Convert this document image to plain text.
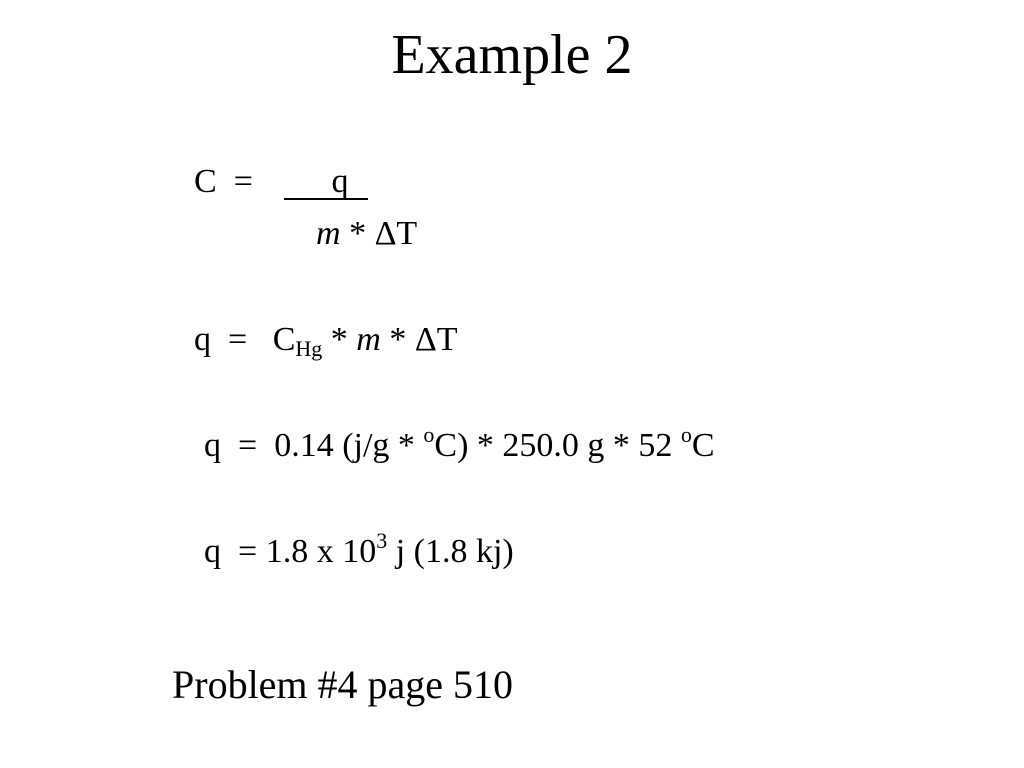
Example 2
C =	q
m * ΔT
$q = C_{Hg} * m * \Delta T$
q = 0.14 (j/g * $^o$C) * 250.0 g * 52 $^o$C
q = 1.8 x $10^3$ j (1.8 kj)
Problem #4 page 510
